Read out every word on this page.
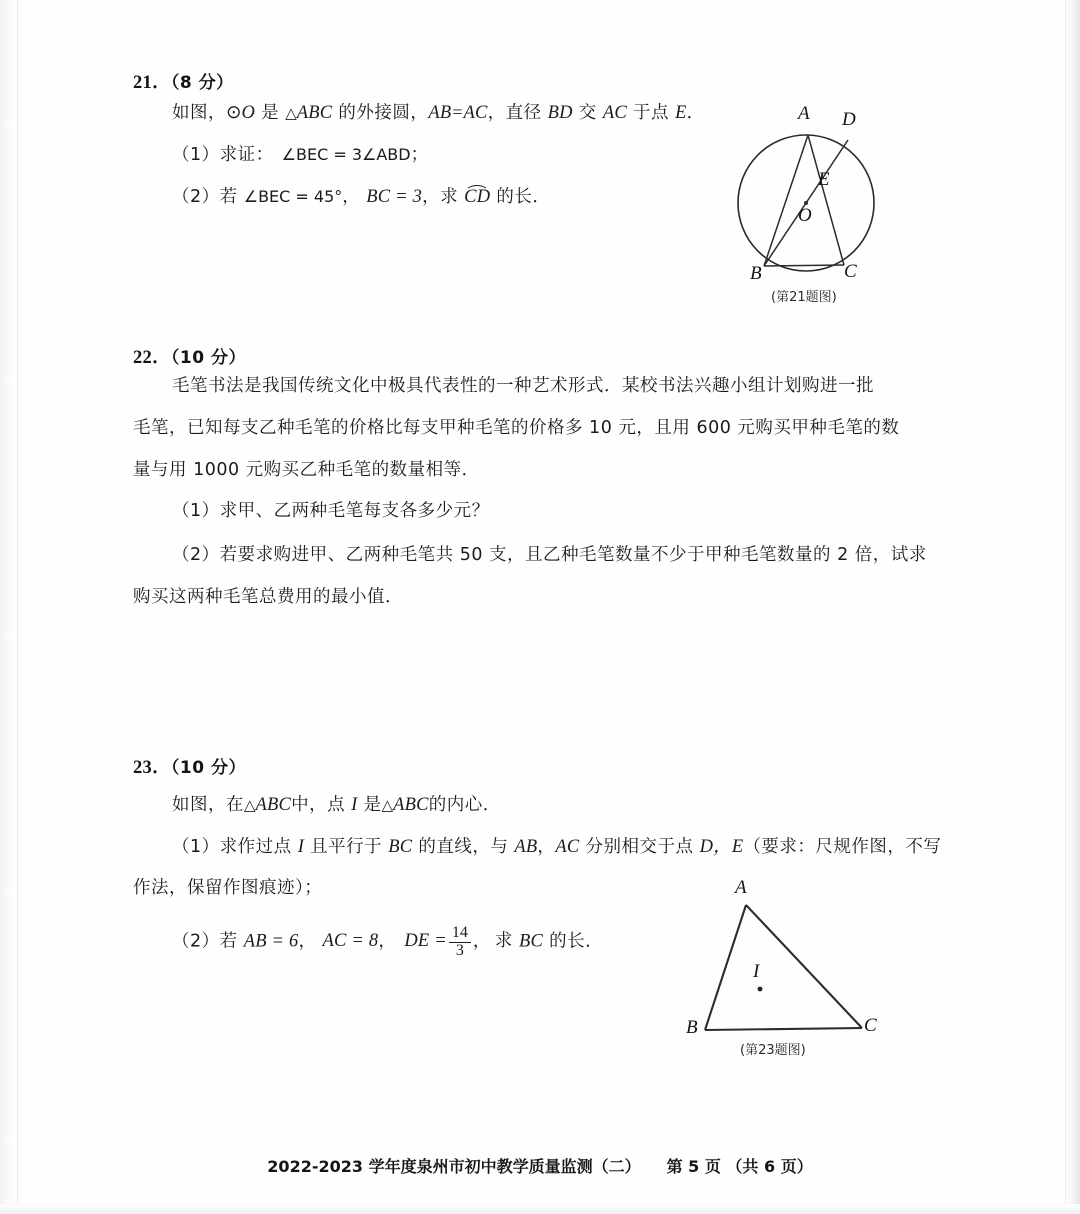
21．（8 分）
如图，⊙O 是 △ABC 的外接圆，AB=AC，直径 BD 交 AC 于点 E．
（1）求证： ∠BEC = 3∠ABD；
（2）若 ∠BEC = 45°， BC = 3，求 CD 的长．
A D
E
O
B	C
(第21题图)
22．（10 分）
毛笔书法是我国传统文化中极具代表性的一种艺术形式．某校书法兴趣小组计划购进一批
毛笔，已知每支乙种毛笔的价格比每支甲种毛笔的价格多 10 元，且用 600 元购买甲种毛笔的数
量与用 1000 元购买乙种毛笔的数量相等．
（1）求甲、乙两种毛笔每支各多少元？
（2）若要求购进甲、乙两种毛笔共 50 支，且乙种毛笔数量不少于甲种毛笔数量的 2 倍，试求
购买这两种毛笔总费用的最小值．
23．（10 分）
如图，在△ABC中，点 I 是△ABC的内心．
（1）求作过点 I 且平行于 BC 的直线，与 AB，AC 分别相交于点 D，E（要求：尺规作图，不写
作法，保留作图痕迹）；
（2）若 AB = 6， AC = 8， DE = $\frac{14}{3}$ ， 求 BC 的长．
A
I
B	C
(第23题图)
2022-2023 学年度泉州市初中教学质量监测（二） 第 5 页 （共 6 页）
